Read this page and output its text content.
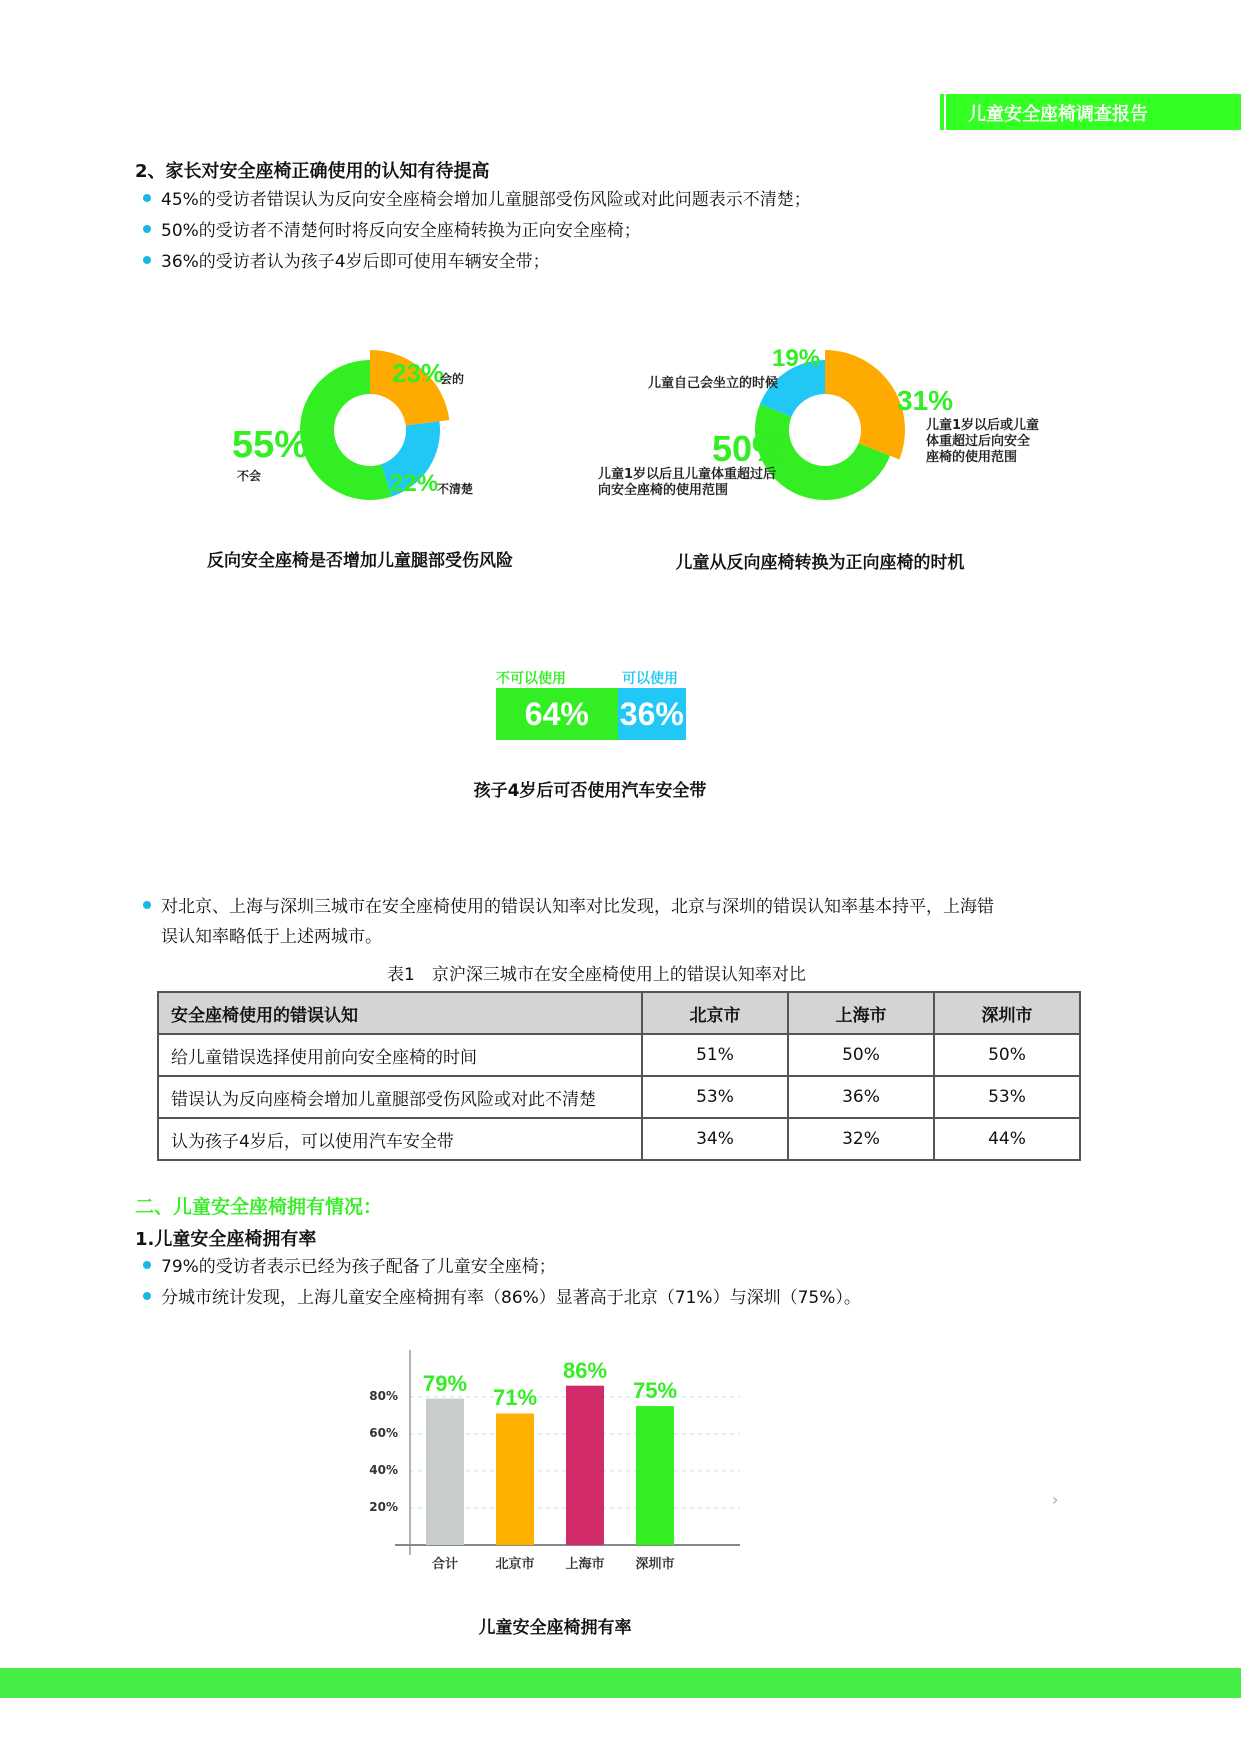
儿童安全座椅调查报告
2、家长对安全座椅正确使用的认知有待提高
45%的受访者错误认为反向安全座椅会增加儿童腿部受伤风险或对此问题表示不清楚；
50%的受访者不清楚何时将反向安全座椅转换为正向安全座椅；
36%的受访者认为孩子4岁后即可使用车辆安全带；
23%
会的
22%
不清楚
55%
不会
反向安全座椅是否增加儿童腿部受伤风险
19%
儿童自己会坐立的时候
31%
儿童1岁以后或儿童体重超过后向安全座椅的使用范围
50%
儿童1岁以后且儿童体重超过后向安全座椅的使用范围
儿童从反向座椅转换为正向座椅的时机
不可以使用	可以使用
64% 36%
孩子4岁后可否使用汽车安全带
对北京、上海与深圳三城市在安全座椅使用的错误认知率对比发现，北京与深圳的错误认知率基本持平，上海错
误认知率略低于上述两城市。
表1　京沪深三城市在安全座椅使用上的错误认知率对比
安全座椅使用的错误认知	北京市	上海市	深圳市
给儿童错误选择使用前向安全座椅的时间	51%	50%	50%
错误认为反向座椅会增加儿童腿部受伤风险或对此不清楚	53%	36%	53%
认为孩子4岁后，可以使用汽车安全带	34%	32%	44%
二、儿童安全座椅拥有情况：
1.儿童安全座椅拥有率
79%的受访者表示已经为孩子配备了儿童安全座椅；
分城市统计发现，上海儿童安全座椅拥有率（86%）显著高于北京（71%）与深圳（75%）。
20%
40%
60%
80%
79%
合计
71%
北京市
86%
上海市
75%
深圳市
儿童安全座椅拥有率
›
